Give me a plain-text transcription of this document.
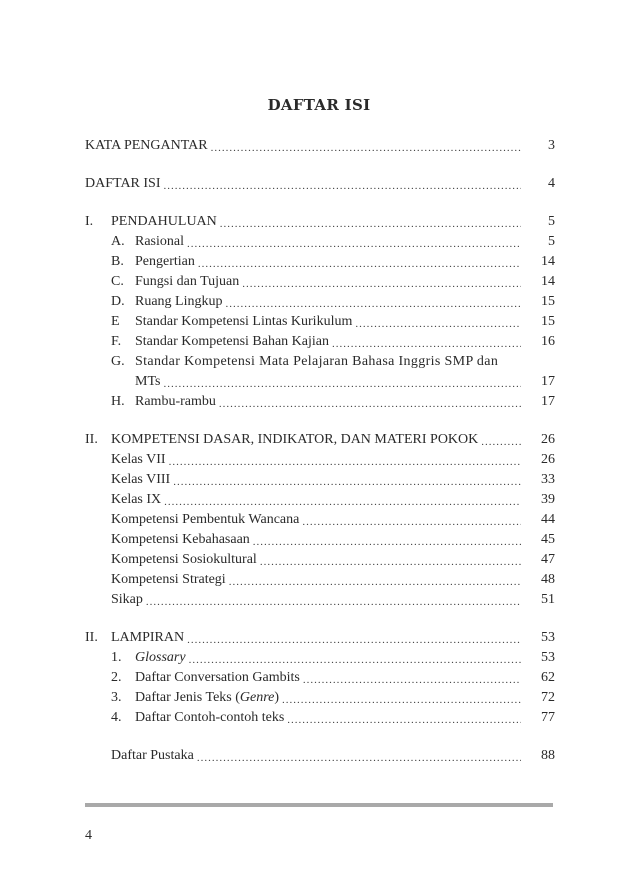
DAFTAR ISI
KATA PENGANTAR .....	3
DAFTAR ISI .....	4
I.	PENDAHULUAN .....	5
A. Rasional .....	5
B. Pengertian .....	14
C. Fungsi dan Tujuan .....	14
D. Ruang Lingkup .....	15
E	Standar Kompetensi Lintas Kurikulum .....	15
F. Standar Kompetensi Bahan Kajian .....	16
G. Standar Kompetensi Mata Pelajaran Bahasa Inggris SMP dan
MTs .....	17
H. Rambu-rambu .....	17
II. KOMPETENSI DASAR, INDIKATOR, DAN MATERI POKOK .....	26
Kelas VII .....	26
Kelas VIII .....	33
Kelas IX .....	39
Kompetensi Pembentuk Wancana .....	44
Kompetensi Kebahasaan .....	45
Kompetensi Sosiokultural .....	47
Kompetensi Strategi .....	48
Sikap .....	51
II. LAMPIRAN .....	53
1. Glossary .....	53
2. Daftar Conversation Gambits .....	62
3. Daftar Jenis Teks (Genre) .....	72
4. Daftar Contoh-contoh teks .....	77
Daftar Pustaka .....	88
4
